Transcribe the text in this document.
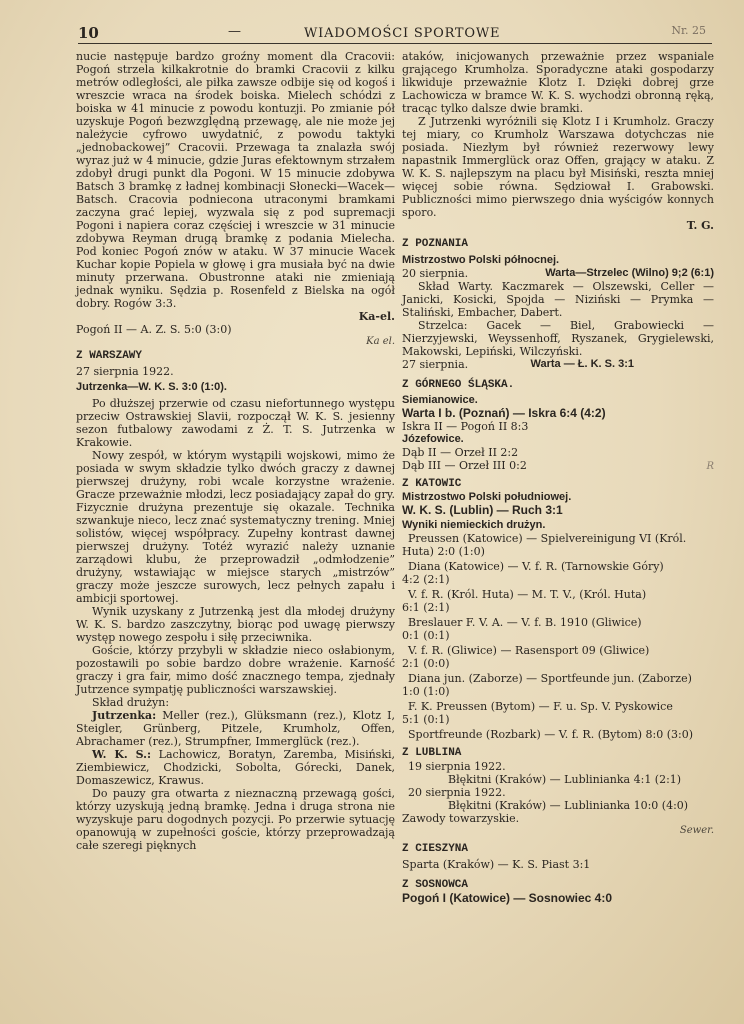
10	—	WIADOMOŚCI SPORTOWE	Nr. 25

nucie następuje bardzo groźny moment dla Cracovii: Pogoń strzela kilkakrotnie do bramki Cracovii z kilku metrów odległości, ale piłka zawsze odbije się od kogoś i wreszcie wraca na środek boiska. Mielech schódzi z boiska w 41 minucie z powodu kontuzji. Po zmianie pół uzyskuje Pogoń bezwzględną przewagę, ale nie może jej należycie cyfrowo uwydatnić, z powodu taktyki „jednobackowej” Cracovii. Przewaga ta znalazła swój wyraz już w 4 minucie, gdzie Juras efektownym strzałem zdobył drugi punkt dla Pogoni. W 15 minucie zdobywa Batsch 3 bramkę z ładnej kombinacji Słonecki—Wacek—Batsch. Cracovia podniecona utraconymi bramkami zaczyna grać lepiej, wyzwala się z pod supremacji Pogoni i napiera coraz częściej i wreszcie w 31 minucie zdobywa Reyman drugą bramkę z podania Mielecha. Pod koniec Pogoń znów w ataku. W 37 minucie Wacek Kuchar kopie Popiela w głowę i gra musiała być na dwie minuty przerwana. Obustronne ataki nie zmieniają jednak wyniku. Sędzia p. Rosenfeld z Bielska na ogół dobry. Rogów 3:3.

Ka-el.

Pogoń II — A. Z. S. 5:0 (3:0)

Ka el.

Z WARSZAWY

27 sierpnia 1922.

Jutrzenka—W. K. S. 3:0 (1:0).

Po dłuższej przerwie od czasu niefortunnego występu przeciw Ostrawskiej Slavii, rozpoczął W. K. S. jesienny sezon futbalowy zawodami z Ż. T. S. Jutrzenka w Krakowie.

Nowy zespół, w którym wystąpili wojskowi, mimo że posiada w swym składzie tylko dwóch graczy z dawnej pierwszej drużyny, robi wcale korzystne wrażenie. Gracze przeważnie młodzi, lecz posiadający zapał do gry. Fizycznie drużyna prezentuje się okazale. Technika szwankuje nieco, lecz znać systematyczny trening. Mniej solistów, więcej współpracy. Zupełny kontrast dawnej pierwszej drużyny. Totéż wyrazić należy uznanie zarządowi klubu, że przeprowadził „odmłodzenie” drużyny, wstawiając w miejsce starych „mistrzów” graczy może jeszcze surowych, lecz pełnych zapału i ambicji sportowej.

Wynik uzyskany z Jutrzenką jest dla młodej drużyny W. K. S. bardzo zaszczytny, biorąc pod uwagę pierwszy występ nowego zespołu i siłę przeciwnika.

Goście, którzy przybyli w składzie nieco osłabionym, pozostawili po sobie bardzo dobre wrażenie. Karność graczy i gra fair, mimo dość znacznego tempa, zjednały Jutrzence sympatję publiczności warszawskiej.

Skład drużyn:

Jutrzenka: Meller (rez.), Glüksmann (rez.), Klotz I, Steigler, Grünberg, Pitzele, Krumholz, Offen, Abrachamer (rez.), Strumpfner, Immerglück (rez.).

W. K. S.: Lachowicz, Boratyn, Zaremba, Misiński, Ziembiewicz, Chodzicki, Sobolta, Górecki, Danek, Domaszewicz, Krawus.

Do pauzy gra otwarta z nieznaczną przewagą gości, którzy uzyskują jedną bramkę. Jedna i druga strona nie wyzyskuje paru dogodnych pozycji. Po przerwie sytuację opanowują w zupełności goście, którzy przeprowadzają całe szeregi pięknych

ataków, inicjowanych przeważnie przez wspaniale grającego Krumholza. Sporadyczne ataki gospodarzy likwiduje przeważnie Klotz I. Dzięki dobrej grze Lachowicza w bramce W. K. S. wychodzi obronną ręką, tracąc tylko dalsze dwie bramki.

Z Jutrzenki wyróżnili się Klotz I i Krumholz. Graczy tej miary, co Krumholz Warszawa dotychczas nie posiada. Niezłym był również rezerwowy lewy napastnik Immerglück oraz Offen, grający w ataku. Z W. K. S. najlepszym na placu był Misiński, reszta mniej więcej sobie równa. Sędziował I. Grabowski. Publiczności mimo pierwszego dnia wyścigów konnych sporo.

T. G.

Z POZNANIA

Mistrzostwo Polski północnej.

20 sierpnia.	Warta—Strzelec (Wilno) 9;2 (6:1)

Skład Warty. Kaczmarek — Olszewski, Celler — Janicki, Kosicki, Spojda — Niziński — Prymka — Staliński, Embacher, Dabert.

Strzelca: Gacek — Biel, Grabowiecki — Nierzyjewski, Weyssenhoff, Ryszanek, Grygielewski, Makowski, Lepiński, Wilczyński.

27 sierpnia.	Warta — Ł. K. S. 3:1

Z GÓRNEGO ŚLĄSKA.

Siemianowice.

Warta I b. (Poznań) — Iskra 6:4 (4:2)

Iskra II — Pogoń II 8:3

Józefowice.

Dąb II — Orzeł II 2:2

Dąb III — Orzeł III 0:2	R

Z KATOWIC

Mistrzostwo Polski południowej.

W. K. S. (Lublin) — Ruch 3:1

Wyniki niemieckich drużyn.

Preussen (Katowice) — Spielvereinigung VI (Król.

Huta) 2:0 (1:0)

Diana (Katowice) — V. f. R. (Tarnowskie Góry)

4:2 (2:1)

V. f. R. (Król. Huta) — M. T. V., (Król. Huta)

6:1 (2:1)

Breslauer F. V. A. — V. f. B. 1910 (Gliwice)

0:1 (0:1)

V. f. R. (Gliwice) — Rasensport 09 (Gliwice)

2:1 (0:0)

Diana jun. (Zaborze) — Sportfeunde jun. (Zaborze)

1:0 (1:0)

F. K. Preussen (Bytom) — F. u. Sp. V. Pyskowice

5:1 (0:1)

Sportfreunde (Rozbark) — V. f. R. (Bytom) 8:0 (3:0)

Z LUBLINA

19 sierpnia 1922.

Błękitni (Kraków) — Lublinianka 4:1 (2:1)

20 sierpnia 1922.

Błękitni (Kraków) — Lublinianka 10:0 (4:0)

Zawody towarzyskie.

Sewer.

Z CIESZYNA

Sparta (Kraków) — K. S. Piast 3:1

Z SOSNOWCA

Pogoń I (Katowice) — Sosnowiec 4:0
